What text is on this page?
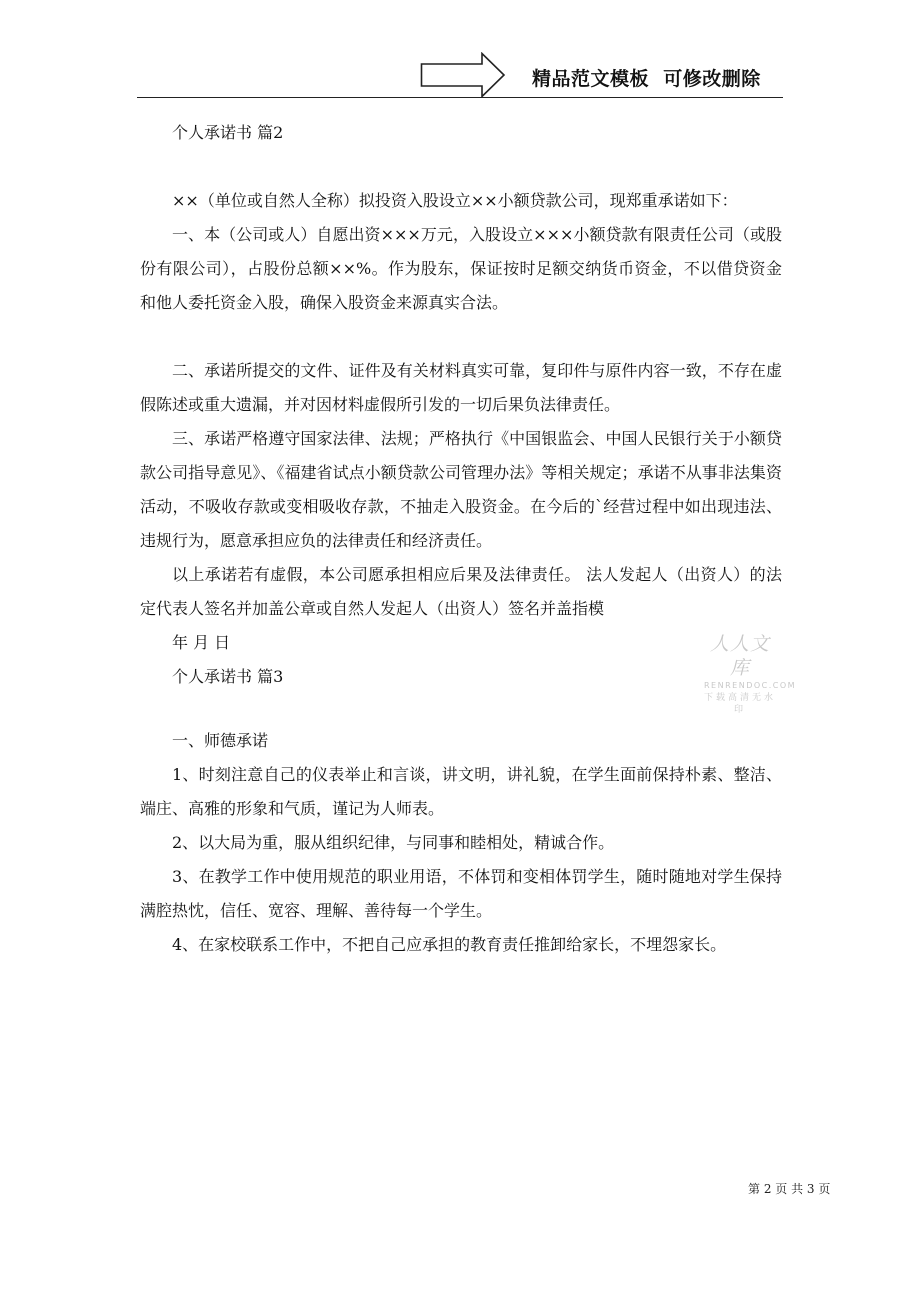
精品范文模板  可修改删除

个人承诺书 篇2

××（单位或自然人全称）拟投资入股设立××小额贷款公司，现郑重承诺如下：

一、本（公司或人）自愿出资×××万元，入股设立×××小额贷款有限责任公司（或股份有限公司），占股份总额××%。作为股东，保证按时足额交纳货币资金，不以借贷资金和他人委托资金入股，确保入股资金来源真实合法。

二、承诺所提交的文件、证件及有关材料真实可靠，复印件与原件内容一致，不存在虚假陈述或重大遗漏，并对因材料虚假所引发的一切后果负法律责任。

三、承诺严格遵守国家法律、法规；严格执行《中国银监会、中国人民银行关于小额贷款公司指导意见》、《福建省试点小额贷款公司管理办法》等相关规定；承诺不从事非法集资活动，不吸收存款或变相吸收存款，不抽走入股资金。在今后的`经营过程中如出现违法、违规行为，愿意承担应负的法律责任和经济责任。

以上承诺若有虚假，本公司愿承担相应后果及法律责任。 法人发起人（出资人）的法定代表人签名并加盖公章或自然人发起人（出资人）签名并盖指模

年 月 日

个人承诺书 篇3

一、师德承诺

1、时刻注意自己的仪表举止和言谈，讲文明，讲礼貌，在学生面前保持朴素、整洁、端庄、高雅的形象和气质，谨记为人师表。

2、以大局为重，服从组织纪律，与同事和睦相处，精诚合作。

3、在教学工作中使用规范的职业用语，不体罚和变相体罚学生，随时随地对学生保持满腔热忱，信任、宽容、理解、善待每一个学生。

4、在家校联系工作中，不把自己应承担的教育责任推卸给家长，不埋怨家长。

人人文库
RENRENDOC.COM
下载高清无水印
第 2 页 共 3 页
